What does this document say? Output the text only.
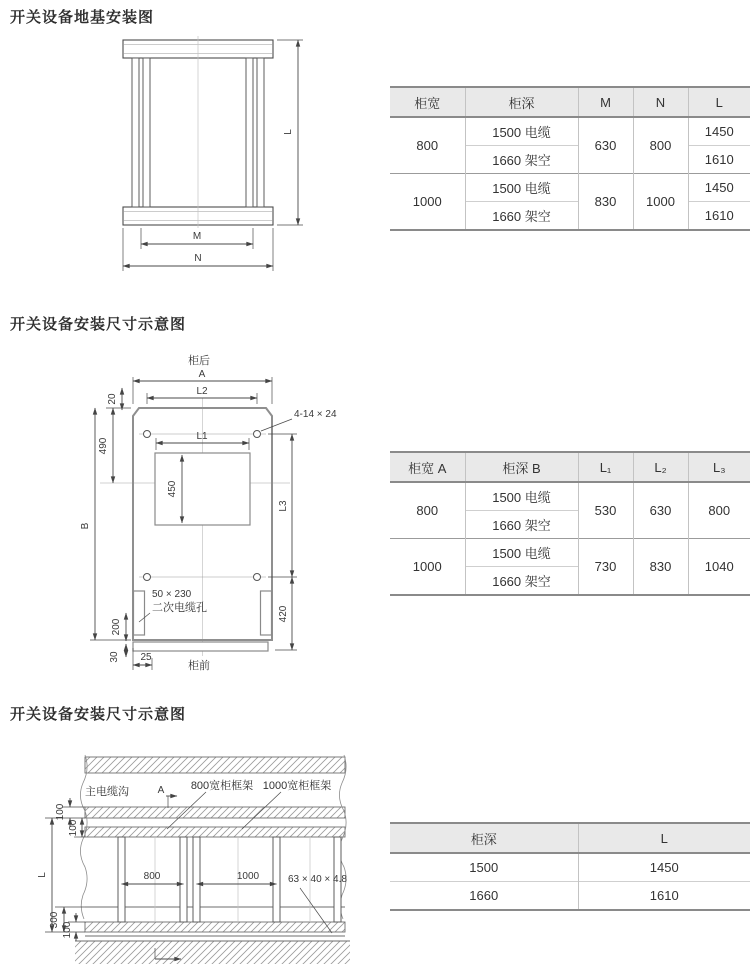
开关设备地基安装图
开关设备安装尺寸示意图
开关设备安装尺寸示意图
L
M
N
柜后
A
20
L2
4-14 × 24
490
B
L1
450
L3
420
50 × 230
二次电缆孔
200
30 25
柜前
主电缆沟	A 800宽柜框架 1000宽柜框架
100
100
L
300
100
800	1000	63 × 40 × 4.8
柜宽	柜深	M	N	L
800	1500 电缆	630	800	1450
	1660 架空			1610
1000	1500 电缆	830	1000	1450
	1660 架空			1610
柜宽 A	柜深 B	L₁	L₂	L₃
800	1500 电缆	530	630	800
	1660 架空			
1000	1500 电缆	730	830	1040
	1660 架空			
柜深	L
1500	1450
1660	1610
